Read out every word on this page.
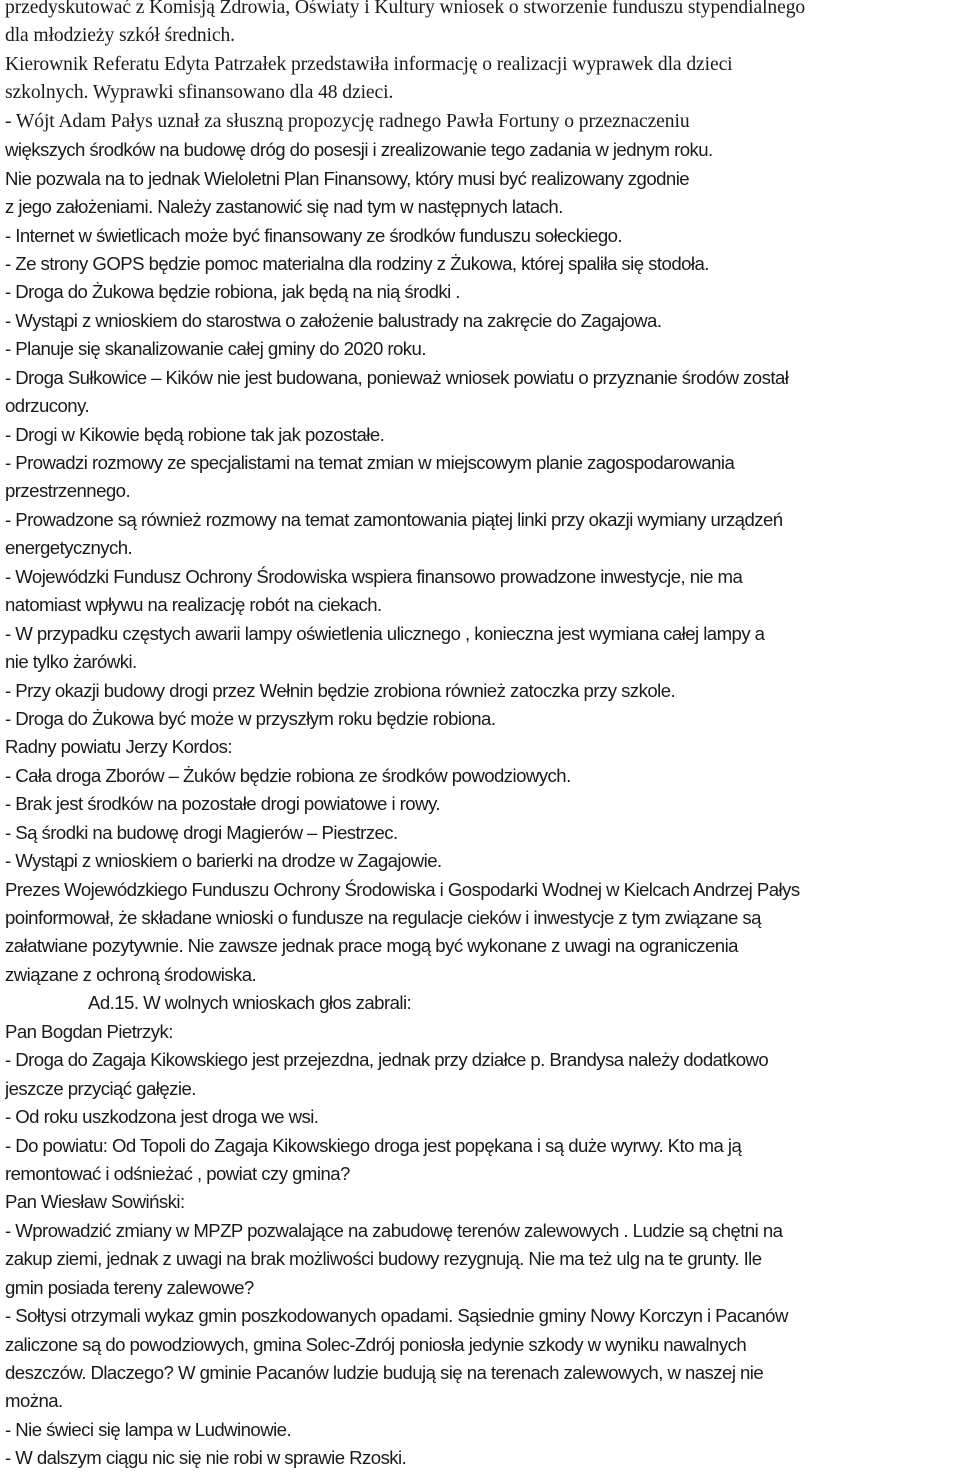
przedyskutować z Komisją Zdrowia, Oświaty i Kultury wniosek o stworzenie funduszu stypendialnego
dla młodzieży szkół średnich.
Kierownik Referatu Edyta Patrzałek przedstawiła informację o realizacji wyprawek dla dzieci
szkolnych. Wyprawki sfinansowano dla 48 dzieci.
- Wójt Adam Pałys uznał za słuszną propozycję radnego Pawła Fortuny o przeznaczeniu
większych środków na budowę dróg do posesji i zrealizowanie tego zadania w jednym roku.
Nie pozwala na to jednak Wieloletni Plan Finansowy, który musi być realizowany zgodnie
z jego założeniami. Należy zastanowić się nad tym w następnych latach.
- Internet w świetlicach może być finansowany ze środków funduszu sołeckiego.
- Ze strony GOPS będzie pomoc materialna dla rodziny z Żukowa, której spaliła się stodoła.
- Droga do Żukowa będzie robiona, jak będą na nią środki .
- Wystąpi z wnioskiem do starostwa o założenie balustrady na zakręcie do Zagajowa.
- Planuje się skanalizowanie całej gminy do 2020 roku.
- Droga Sułkowice – Kików nie jest budowana, ponieważ wniosek powiatu o przyznanie środów został
odrzucony.
- Drogi w Kikowie będą robione tak jak pozostałe.
- Prowadzi rozmowy ze specjalistami na temat zmian w miejscowym planie zagospodarowania
przestrzennego.
- Prowadzone są również rozmowy na temat zamontowania piątej linki przy okazji wymiany urządzeń
energetycznych.
- Wojewódzki Fundusz Ochrony Środowiska wspiera finansowo prowadzone inwestycje, nie ma
natomiast wpływu na realizację robót na ciekach.
- W przypadku częstych awarii lampy oświetlenia ulicznego , konieczna jest wymiana całej lampy a
nie tylko żarówki.
- Przy okazji budowy drogi przez Wełnin będzie zrobiona również zatoczka przy szkole.
- Droga do Żukowa być może w przyszłym roku będzie robiona.
Radny powiatu Jerzy Kordos:
- Cała droga Zborów – Żuków będzie robiona ze środków powodziowych.
- Brak jest środków na pozostałe drogi powiatowe i rowy.
- Są środki na budowę drogi Magierów – Piestrzec.
- Wystąpi z wnioskiem o barierki na drodze w Zagajowie.
Prezes Wojewódzkiego Funduszu Ochrony Środowiska i Gospodarki Wodnej w Kielcach Andrzej Pałys
poinformował, że składane wnioski o fundusze na regulacje cieków i inwestycje z tym związane są
załatwiane pozytywnie. Nie zawsze jednak prace mogą być wykonane z uwagi na ograniczenia
związane z ochroną środowiska.
Ad.15. W wolnych wnioskach głos zabrali:
Pan Bogdan Pietrzyk:
- Droga do Zagaja Kikowskiego jest przejezdna, jednak przy działce p. Brandysa należy dodatkowo
jeszcze przyciąć gałęzie.
- Od roku uszkodzona jest droga we wsi.
- Do powiatu: Od Topoli do Zagaja Kikowskiego droga jest popękana i są duże wyrwy. Kto ma ją
remontować i odśnieżać , powiat czy gmina?
Pan Wiesław Sowiński:
- Wprowadzić zmiany w MPZP pozwalające na zabudowę terenów zalewowych . Ludzie są chętni na
zakup ziemi, jednak z uwagi na brak możliwości budowy rezygnują. Nie ma też ulg na te grunty. Ile
gmin posiada tereny zalewowe?
- Sołtysi otrzymali wykaz gmin poszkodowanych opadami. Sąsiednie gminy Nowy Korczyn i Pacanów
zaliczone są do powodziowych, gmina Solec-Zdrój poniosła jedynie szkody w wyniku nawalnych
deszczów. Dlaczego? W gminie Pacanów ludzie budują się na terenach zalewowych, w naszej nie
można.
- Nie świeci się lampa w Ludwinowie.
- W dalszym ciągu nic się nie robi w sprawie Rzoski.
